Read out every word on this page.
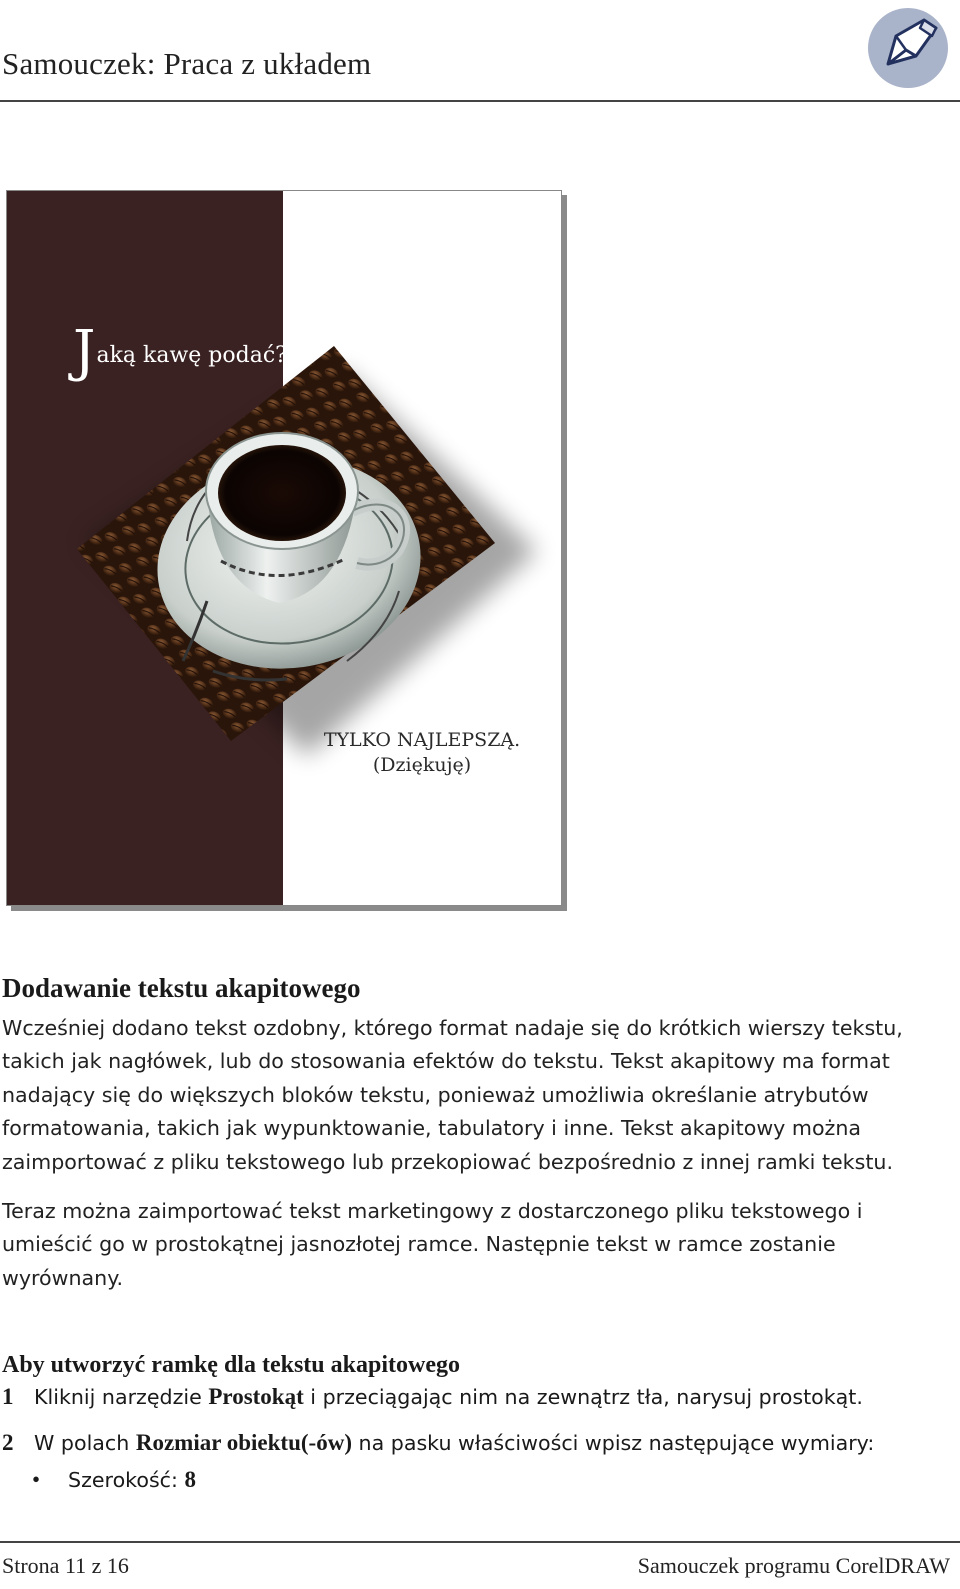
Samouczek: Praca z układem
Jaką kawę podać?
TYLKO NAJLEPSZĄ.
(Dziękuję)
Dodawanie tekstu akapitowego
Wcześniej dodano tekst ozdobny, którego format nadaje się do krótkich wierszy tekstu, takich jak nagłówek, lub do stosowania efektów do tekstu. Tekst akapitowy ma format nadający się do większych bloków tekstu, ponieważ umożliwia określanie atrybutów formatowania, takich jak wypunktowanie, tabulatory i inne. Tekst akapitowy można zaimportować z pliku tekstowego lub przekopiować bezpośrednio z innej ramki tekstu.
Teraz można zaimportować tekst marketingowy z dostarczonego pliku tekstowego i umieścić go w prostokątnej jasnozłotej ramce. Następnie tekst w ramce zostanie wyrównany.
Aby utworzyć ramkę dla tekstu akapitowego
1 Kliknij narzędzie Prostokąt i przeciągając nim na zewnątrz tła, narysuj prostokąt.
2 W polach Rozmiar obiektu(-ów) na pasku właściwości wpisz następujące wymiary:
• Szerokość: 8
Strona 11 z 16	Samouczek programu CorelDRAW
